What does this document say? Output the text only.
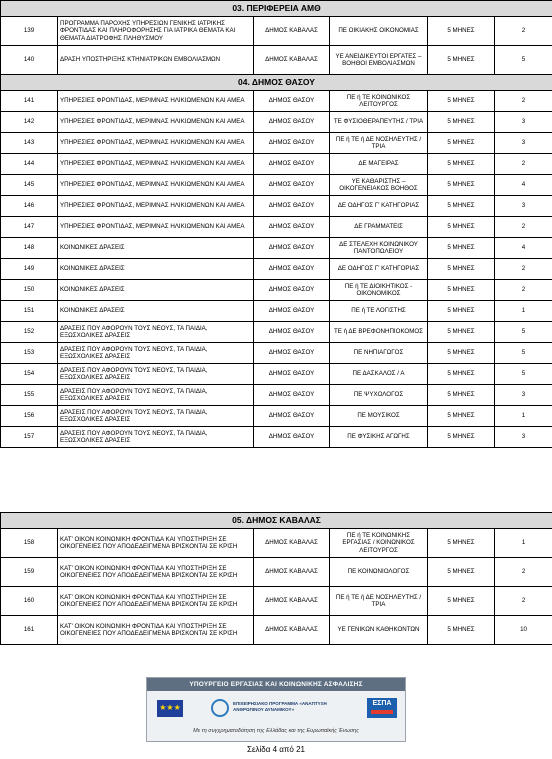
03. ΠΕΡΙΦΕΡΕΙΑ ΑΜΘ					
139	ΠΡΟΓΡΑΜΜΑ ΠΑΡΟΧΗΣ ΥΠΗΡΕΣΙΩΝ ΓΕΝΙΚΗΣ ΙΑΤΡΙΚΗΣ ΦΡΟΝΤΙΔΑΣ ΚΑΙ ΠΛΗΡΟΦΟΡΗΣΗΣ ΓΙΑ ΙΑΤΡΙΚΑ ΘΕΜΑΤΑ ΚΑΙ ΘΕΜΑΤΑ ΔΙΑΤΡΟΦΗΣ ΠΛΗΘΥΣΜΟΥ	ΔΗΜΟΣ ΚΑΒΑΛΑΣ	ΠΕ ΟΙΚΙΑΚΗΣ ΟΙΚΟΝΟΜΙΑΣ	5 ΜΗΝΕΣ	2
140	ΔΡΑΣΗ ΥΠΟΣΤΗΡΙΞΗΣ ΚΤΗΝΙΑΤΡΙΚΩΝ ΕΜΒΟΛΙΑΣΜΩΝ	ΔΗΜΟΣ ΚΑΒΑΛΑΣ	ΥΕ ΑΝΕΙΔΙΚΕΥΤΟΙ ΕΡΓΑΤΕΣ – ΒΟΗΘΟΙ ΕΜΒΟΛΙΑΣΜΩΝ	5 ΜΗΝΕΣ	5
04. ΔΗΜΟΣ ΘΑΣΟΥ					
141	ΥΠΗΡΕΣΙΕΣ ΦΡΟΝΤΙΔΑΣ, ΜΕΡΙΜΝΑΣ ΗΛΙΚΙΩΜΕΝΩΝ ΚΑΙ ΑΜΕΑ	ΔΗΜΟΣ ΘΑΣΟΥ	ΠΕ ή ΤΕ ΚΟΙΝΩΝΙΚΟΣ ΛΕΙΤΟΥΡΓΟΣ	5 ΜΗΝΕΣ	2
142	ΥΠΗΡΕΣΙΕΣ ΦΡΟΝΤΙΔΑΣ, ΜΕΡΙΜΝΑΣ ΗΛΙΚΙΩΜΕΝΩΝ ΚΑΙ ΑΜΕΑ	ΔΗΜΟΣ ΘΑΣΟΥ	ΤΕ ΦΥΣΙΟΘΕΡΑΠΕΥΤΗΣ / ΤΡΙΑ	5 ΜΗΝΕΣ	3
143	ΥΠΗΡΕΣΙΕΣ ΦΡΟΝΤΙΔΑΣ, ΜΕΡΙΜΝΑΣ ΗΛΙΚΙΩΜΕΝΩΝ ΚΑΙ ΑΜΕΑ	ΔΗΜΟΣ ΘΑΣΟΥ	ΠΕ ή ΤΕ ή ΔΕ ΝΟΣΗΛΕΥΤΗΣ / ΤΡΙΑ	5 ΜΗΝΕΣ	3
144	ΥΠΗΡΕΣΙΕΣ ΦΡΟΝΤΙΔΑΣ, ΜΕΡΙΜΝΑΣ ΗΛΙΚΙΩΜΕΝΩΝ ΚΑΙ ΑΜΕΑ	ΔΗΜΟΣ ΘΑΣΟΥ	ΔΕ ΜΑΓΕΙΡΑΣ	5 ΜΗΝΕΣ	2
145	ΥΠΗΡΕΣΙΕΣ ΦΡΟΝΤΙΔΑΣ, ΜΕΡΙΜΝΑΣ ΗΛΙΚΙΩΜΕΝΩΝ ΚΑΙ ΑΜΕΑ	ΔΗΜΟΣ ΘΑΣΟΥ	ΥΕ ΚΑΘΑΡΙΣΤΗΣ – ΟΙΚΟΓΕΝΕΙΑΚΟΣ ΒΟΗΘΟΣ	5 ΜΗΝΕΣ	4
146	ΥΠΗΡΕΣΙΕΣ ΦΡΟΝΤΙΔΑΣ, ΜΕΡΙΜΝΑΣ ΗΛΙΚΙΩΜΕΝΩΝ ΚΑΙ ΑΜΕΑ	ΔΗΜΟΣ ΘΑΣΟΥ	ΔΕ ΟΔΗΓΟΣ Γ' ΚΑΤΗΓΟΡΙΑΣ	5 ΜΗΝΕΣ	3
147	ΥΠΗΡΕΣΙΕΣ ΦΡΟΝΤΙΔΑΣ, ΜΕΡΙΜΝΑΣ ΗΛΙΚΙΩΜΕΝΩΝ ΚΑΙ ΑΜΕΑ	ΔΗΜΟΣ ΘΑΣΟΥ	ΔΕ ΓΡΑΜΜΑΤΕΙΣ	5 ΜΗΝΕΣ	2
148	ΚΟΙΝΩΝΙΚΕΣ ΔΡΑΣΕΙΣ	ΔΗΜΟΣ ΘΑΣΟΥ	ΔΕ ΣΤΕΛΕΧΗ ΚΟΙΝΩΝΙΚΟΥ ΠΑΝΤΟΠΩΛΕΙΟΥ	5 ΜΗΝΕΣ	4
149	ΚΟΙΝΩΝΙΚΕΣ ΔΡΑΣΕΙΣ	ΔΗΜΟΣ ΘΑΣΟΥ	ΔΕ ΟΔΗΓΟΣ Γ' ΚΑΤΗΓΟΡΙΑΣ	5 ΜΗΝΕΣ	2
150	ΚΟΙΝΩΝΙΚΕΣ ΔΡΑΣΕΙΣ	ΔΗΜΟΣ ΘΑΣΟΥ	ΠΕ ή ΤΕ ΔΙΟΙΚΗΤΙΚΟΣ - ΟΙΚΟΝΟΜΙΚΟΣ	5 ΜΗΝΕΣ	2
151	ΚΟΙΝΩΝΙΚΕΣ ΔΡΑΣΕΙΣ	ΔΗΜΟΣ ΘΑΣΟΥ	ΠΕ ή ΤΕ ΛΟΓΙΣΤΗΣ	5 ΜΗΝΕΣ	1
152	ΔΡΑΣΕΙΣ ΠΟΥ ΑΦΟΡΟΥΝ ΤΟΥΣ ΝΕΟΥΣ, ΤΑ ΠΑΙΔΙΑ, ΕΞΩΣΧΟΛΙΚΕΣ ΔΡΑΣΕΙΣ	ΔΗΜΟΣ ΘΑΣΟΥ	ΤΕ ή ΔΕ ΒΡΕΦΟΝΗΠΙΟΚΟΜΟΣ	5 ΜΗΝΕΣ	5
153	ΔΡΑΣΕΙΣ ΠΟΥ ΑΦΟΡΟΥΝ ΤΟΥΣ ΝΕΟΥΣ, ΤΑ ΠΑΙΔΙΑ, ΕΞΩΣΧΟΛΙΚΕΣ ΔΡΑΣΕΙΣ	ΔΗΜΟΣ ΘΑΣΟΥ	ΠΕ ΝΗΠΙΑΓΩΓΟΣ	5 ΜΗΝΕΣ	5
154	ΔΡΑΣΕΙΣ ΠΟΥ ΑΦΟΡΟΥΝ ΤΟΥΣ ΝΕΟΥΣ, ΤΑ ΠΑΙΔΙΑ, ΕΞΩΣΧΟΛΙΚΕΣ ΔΡΑΣΕΙΣ	ΔΗΜΟΣ ΘΑΣΟΥ	ΠΕ ΔΑΣΚΑΛΟΣ / Α	5 ΜΗΝΕΣ	5
155	ΔΡΑΣΕΙΣ ΠΟΥ ΑΦΟΡΟΥΝ ΤΟΥΣ ΝΕΟΥΣ, ΤΑ ΠΑΙΔΙΑ, ΕΞΩΣΧΟΛΙΚΕΣ ΔΡΑΣΕΙΣ	ΔΗΜΟΣ ΘΑΣΟΥ	ΠΕ ΨΥΧΟΛΟΓΟΣ	5 ΜΗΝΕΣ	3
156	ΔΡΑΣΕΙΣ ΠΟΥ ΑΦΟΡΟΥΝ ΤΟΥΣ ΝΕΟΥΣ, ΤΑ ΠΑΙΔΙΑ, ΕΞΩΣΧΟΛΙΚΕΣ ΔΡΑΣΕΙΣ	ΔΗΜΟΣ ΘΑΣΟΥ	ΠΕ ΜΟΥΣΙΚΟΣ	5 ΜΗΝΕΣ	1
157	ΔΡΑΣΕΙΣ ΠΟΥ ΑΦΟΡΟΥΝ ΤΟΥΣ ΝΕΟΥΣ, ΤΑ ΠΑΙΔΙΑ, ΕΞΩΣΧΟΛΙΚΕΣ ΔΡΑΣΕΙΣ	ΔΗΜΟΣ ΘΑΣΟΥ	ΠΕ ΦΥΣΙΚΗΣ ΑΓΩΓΗΣ	5 ΜΗΝΕΣ	3
05. ΔΗΜΟΣ ΚΑΒΑΛΑΣ					
158	ΚΑΤ' ΟΙΚΟΝ ΚΟΙΝΩΝΙΚΗ ΦΡΟΝΤΙΔΑ ΚΑΙ ΥΠΟΣΤΗΡΙΞΗ ΣΕ ΟΙΚΟΓΕΝΕΙΕΣ ΠΟΥ ΑΠΟΔΕΔΕΙΓΜΕΝΑ ΒΡΙΣΚΟΝΤΑΙ ΣΕ ΚΡΙΣΗ	ΔΗΜΟΣ ΚΑΒΑΛΑΣ	ΠΕ ή ΤΕ ΚΟΙΝΩΝΙΚΗΣ ΕΡΓΑΣΙΑΣ / ΚΟΙΝΩΝΙΚΟΣ ΛΕΙΤΟΥΡΓΟΣ	5 ΜΗΝΕΣ	1
159	ΚΑΤ' ΟΙΚΟΝ ΚΟΙΝΩΝΙΚΗ ΦΡΟΝΤΙΔΑ ΚΑΙ ΥΠΟΣΤΗΡΙΞΗ ΣΕ ΟΙΚΟΓΕΝΕΙΕΣ ΠΟΥ ΑΠΟΔΕΔΕΙΓΜΕΝΑ ΒΡΙΣΚΟΝΤΑΙ ΣΕ ΚΡΙΣΗ	ΔΗΜΟΣ ΚΑΒΑΛΑΣ	ΠΕ ΚΟΙΝΩΝΙΟΛΟΓΟΣ	5 ΜΗΝΕΣ	2
160	ΚΑΤ' ΟΙΚΟΝ ΚΟΙΝΩΝΙΚΗ ΦΡΟΝΤΙΔΑ ΚΑΙ ΥΠΟΣΤΗΡΙΞΗ ΣΕ ΟΙΚΟΓΕΝΕΙΕΣ ΠΟΥ ΑΠΟΔΕΔΕΙΓΜΕΝΑ ΒΡΙΣΚΟΝΤΑΙ ΣΕ ΚΡΙΣΗ	ΔΗΜΟΣ ΚΑΒΑΛΑΣ	ΠΕ ή ΤΕ ή ΔΕ ΝΟΣΗΛΕΥΤΗΣ / ΤΡΙΑ	5 ΜΗΝΕΣ	2
161	ΚΑΤ' ΟΙΚΟΝ ΚΟΙΝΩΝΙΚΗ ΦΡΟΝΤΙΔΑ ΚΑΙ ΥΠΟΣΤΗΡΙΞΗ ΣΕ ΟΙΚΟΓΕΝΕΙΕΣ ΠΟΥ ΑΠΟΔΕΔΕΙΓΜΕΝΑ ΒΡΙΣΚΟΝΤΑΙ ΣΕ ΚΡΙΣΗ	ΔΗΜΟΣ ΚΑΒΑΛΑΣ	ΥΕ ΓΕΝΙΚΩΝ ΚΑΘΗΚΟΝΤΩΝ	5 ΜΗΝΕΣ	10
ΥΠΟΥΡΓΕΙΟ ΕΡΓΑΣΙΑΣ ΚΑΙ ΚΟΙΝΩΝΙΚΗΣ ΑΣΦΑΛΙΣΗΣ
★★★	ΕΠΙΧΕΙΡΗΣΙΑΚΟ ΠΡΟΓΡΑΜΜΑ «ΑΝΑΠΤΥΞΗ ΑΝΘΡΩΠΙΝΟΥ ΔΥΝΑΜΙΚΟΥ»
ΕΣΠΑ
Με τη συγχρηματοδότηση της Ελλάδας και της Ευρωπαϊκής Ένωσης
Σελίδα 4 από 21
